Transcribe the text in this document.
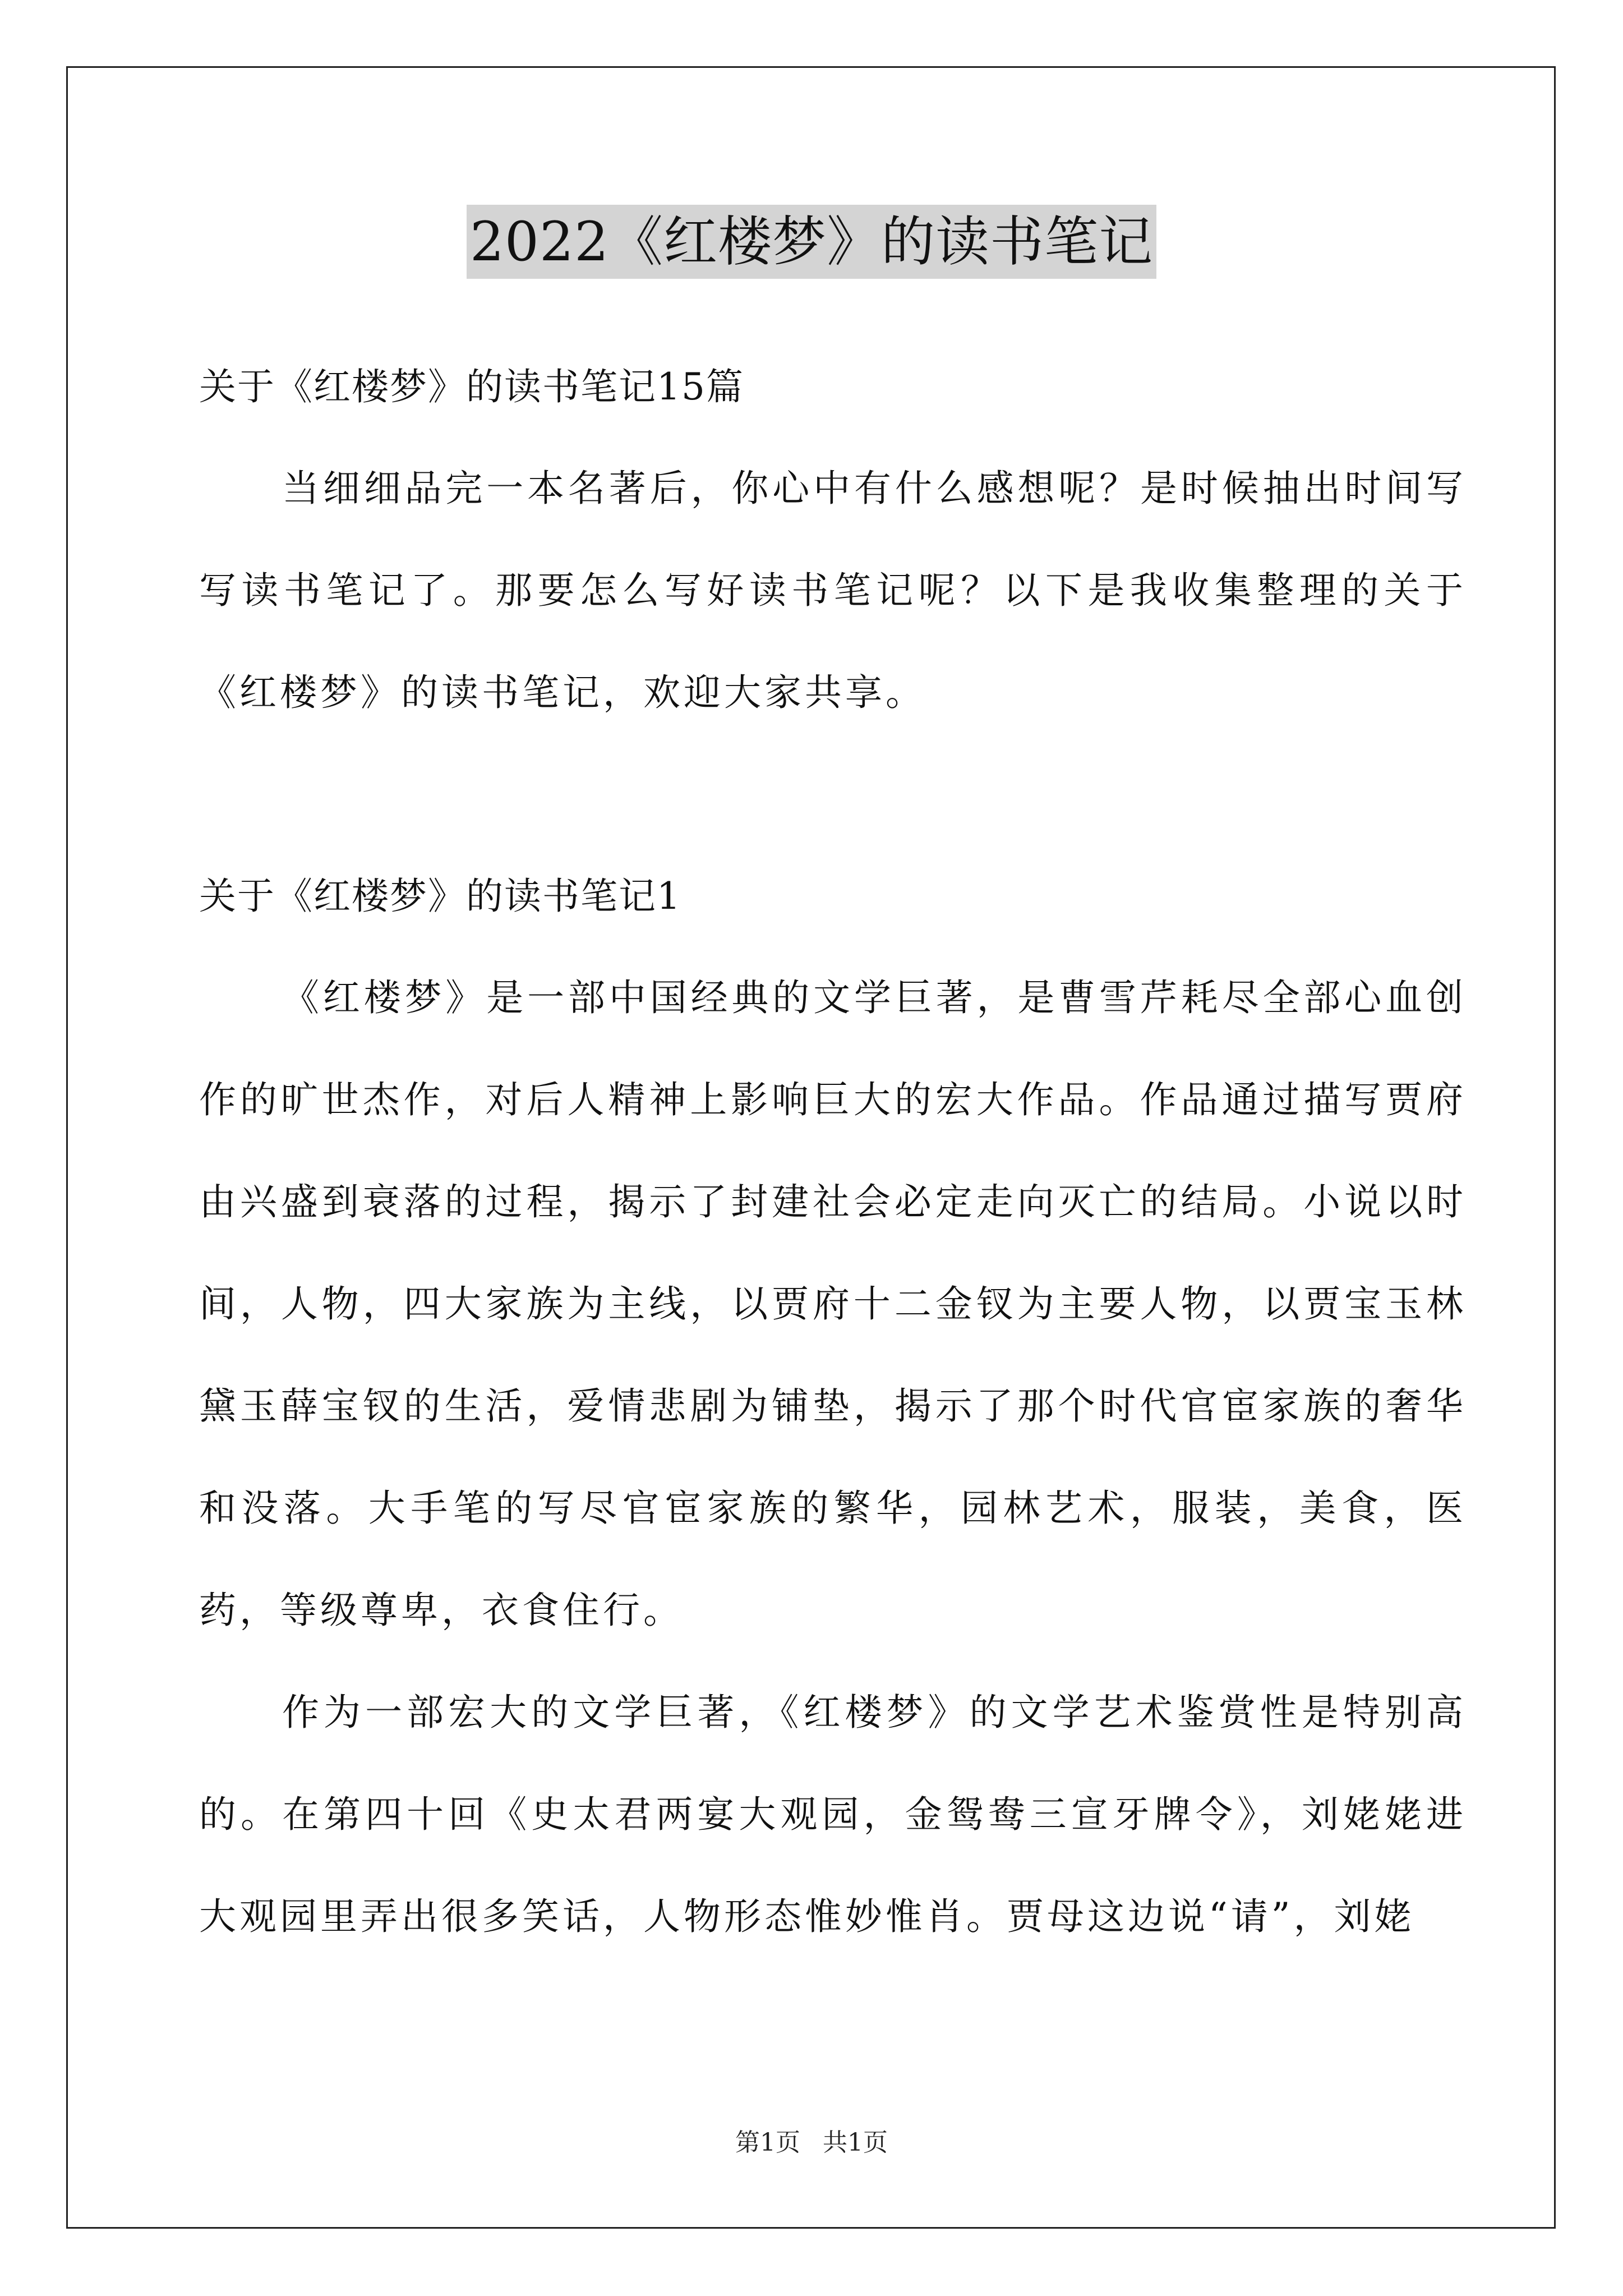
2022《红楼梦》的读书笔记
关于《红楼梦》的读书笔记15篇

当细细品完一本名著后，你心中有什么感想呢？是时候抽出时间写写读书笔记了。那要怎么写好读书笔记呢？以下是我收集整理的关于《红楼梦》的读书笔记，欢迎大家共享。

关于《红楼梦》的读书笔记1

《红楼梦》是一部中国经典的文学巨著，是曹雪芹耗尽全部心血创作的旷世杰作，对后人精神上影响巨大的宏大作品。作品通过描写贾府由兴盛到衰落的过程，揭示了封建社会必定走向灭亡的结局。小说以时间，人物，四大家族为主线，以贾府十二金钗为主要人物，以贾宝玉林黛玉薛宝钗的生活，爱情悲剧为铺垫，揭示了那个时代官宦家族的奢华和没落。大手笔的写尽官宦家族的繁华，园林艺术，服装，美食，医药，等级尊卑，衣食住行。

作为一部宏大的文学巨著，《红楼梦》的文学艺术鉴赏性是特别高的。在第四十回《史太君两宴大观园，金鸳鸯三宣牙牌令》，刘姥姥进大观园里弄出很多笑话，人物形态惟妙惟肖。贾母这边说“请”，刘姥

第1页 共1页
